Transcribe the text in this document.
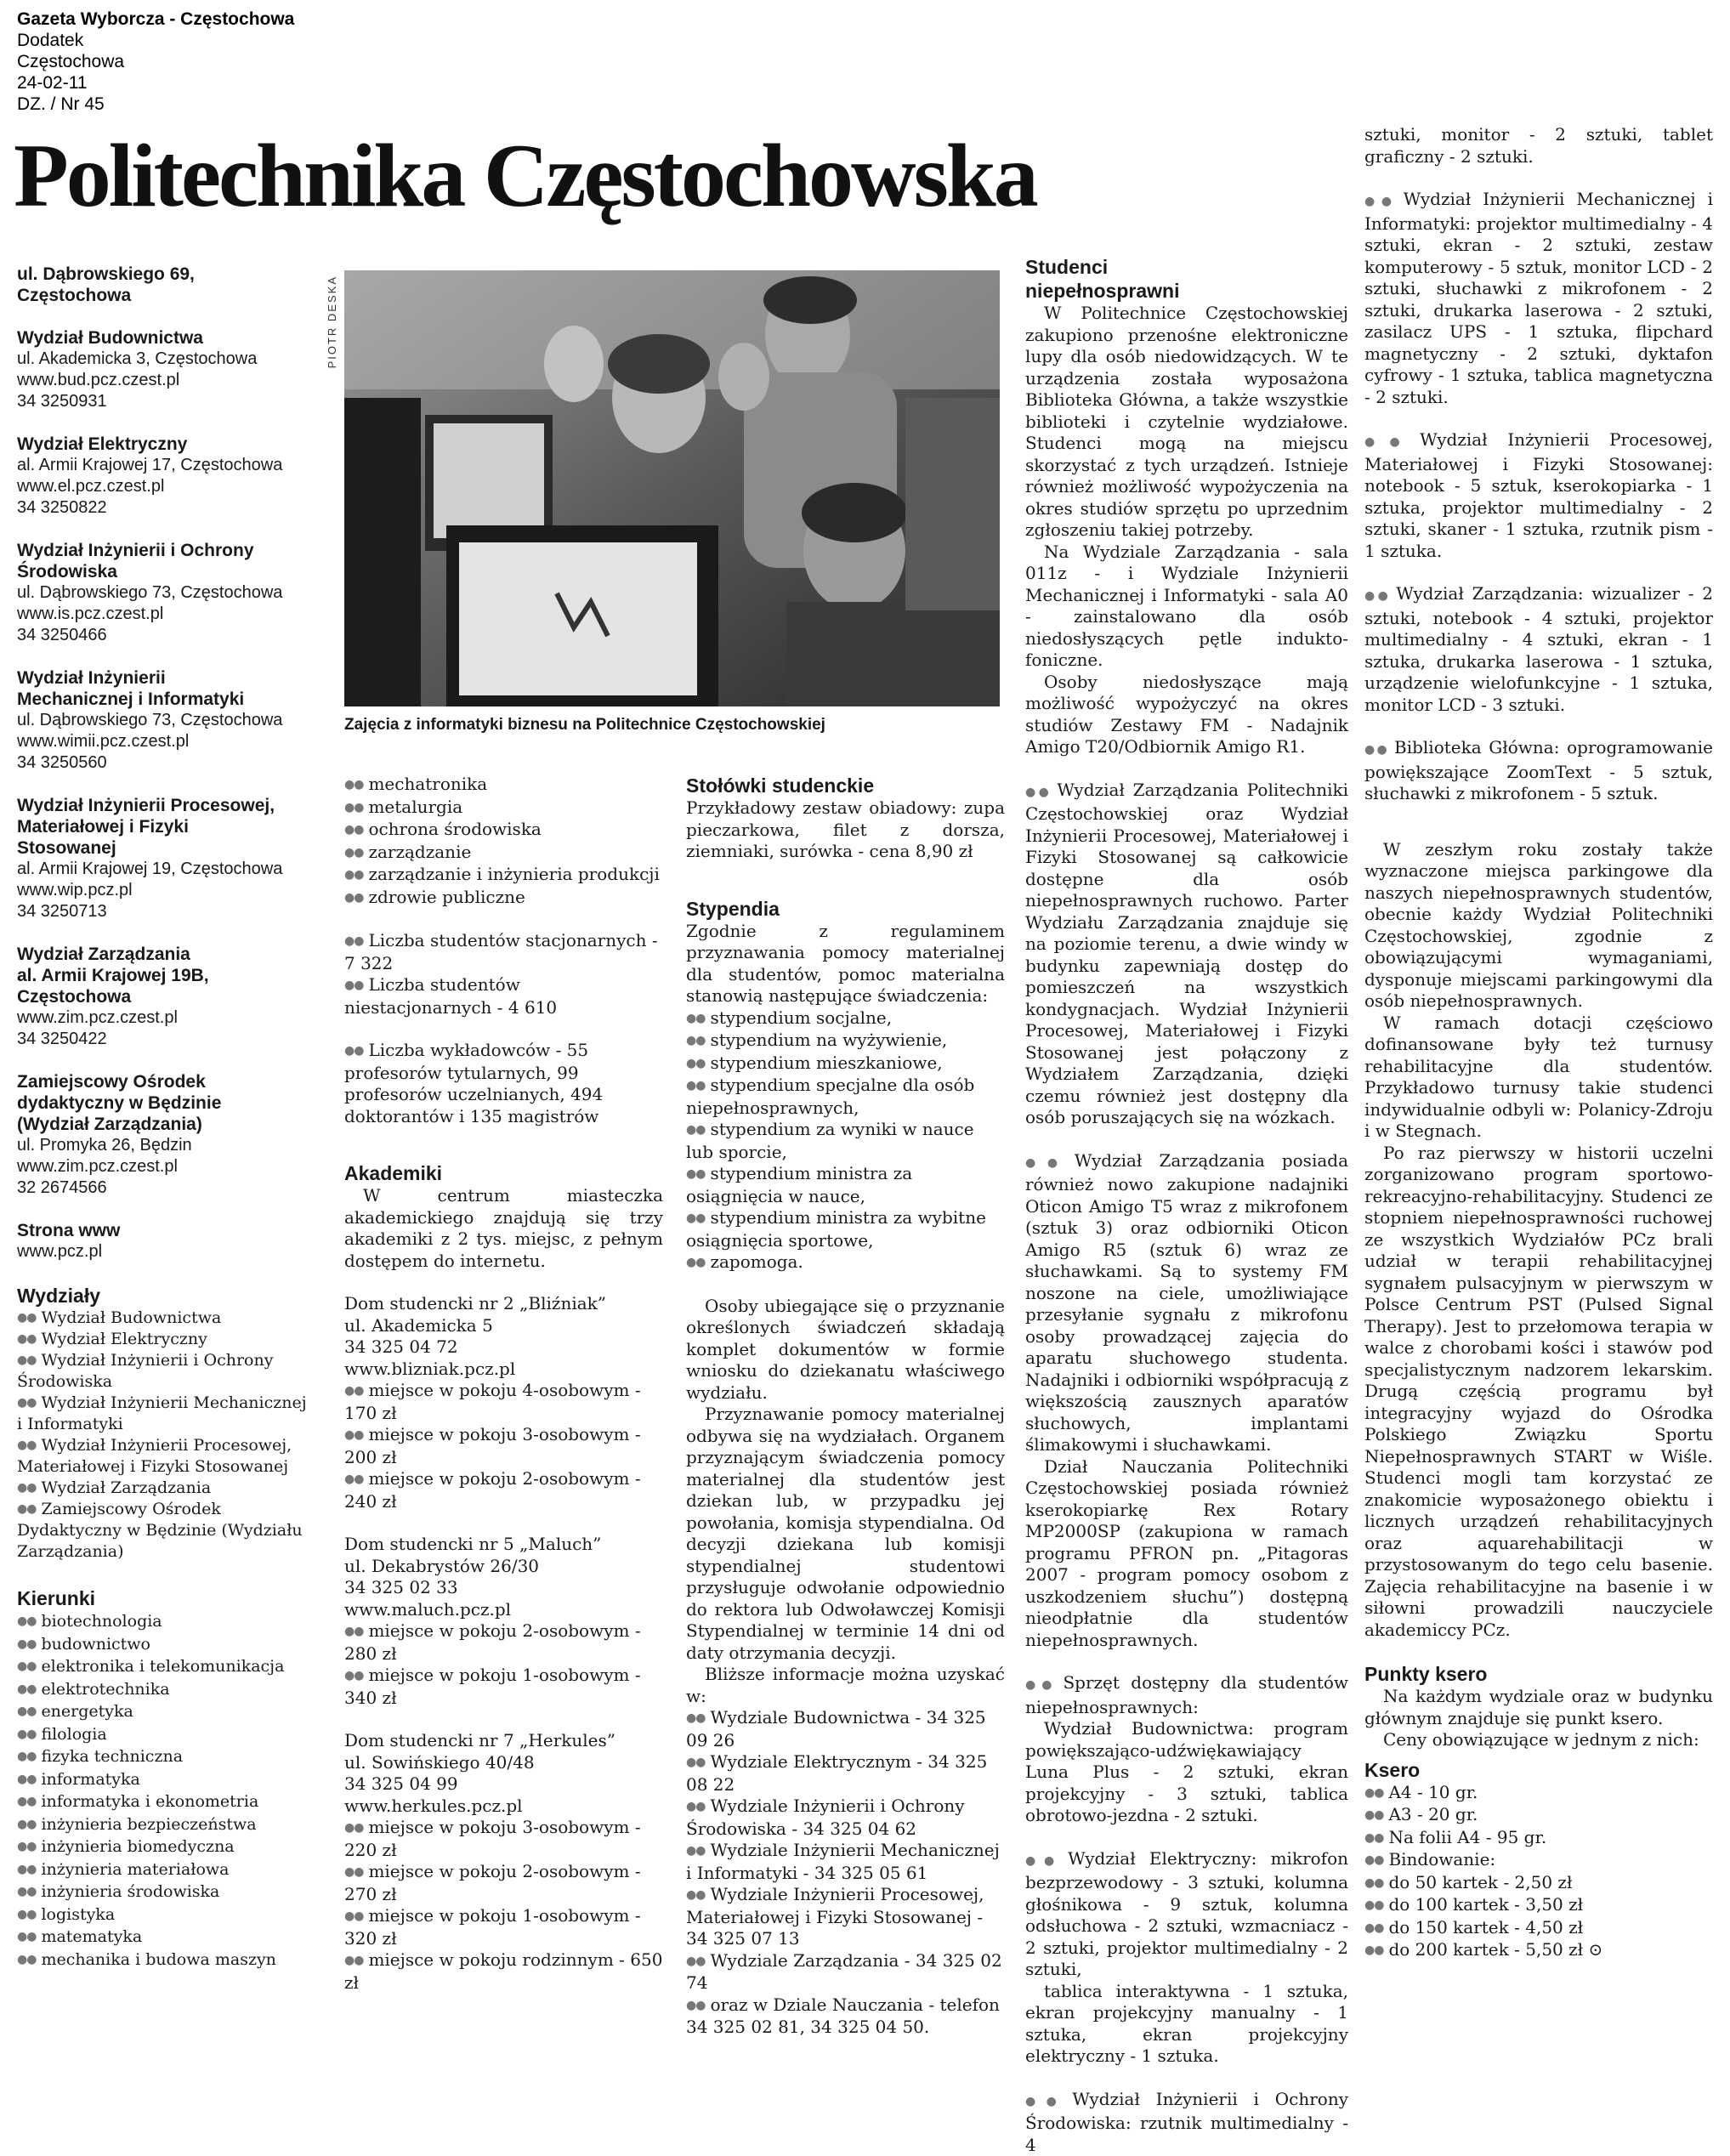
Gazeta Wyborcza - Częstochowa
Dodatek
Częstochowa
24-02-11
DZ. / Nr 45
Politechnika Częstochowska
ul. Dąbrowskiego 69,
Częstochowa
Wydział Budownictwa

ul. Akademicka 3, Częstochowa

www.bud.pcz.czest.pl

34 3250931

Wydział Elektryczny

al. Armii Krajowej 17, Częstochowa

www.el.pcz.czest.pl

34 3250822

Wydział Inżynierii i Ochrony
Środowiska

ul. Dąbrowskiego 73, Częstochowa

www.is.pcz.czest.pl

34 3250466

Wydział Inżynierii
Mechanicznej i Informatyki

ul. Dąbrowskiego 73, Częstochowa

www.wimii.pcz.czest.pl

34 3250560

Wydział Inżynierii Procesowej,
Materiałowej i Fizyki
Stosowanej

al. Armii Krajowej 19, Częstochowa

www.wip.pcz.pl

34 3250713

Wydział Zarządzania
al. Armii Krajowej 19B,
Częstochowa

www.zim.pcz.czest.pl

34 3250422

Zamiejscowy Ośrodek
dydaktyczny w Będzinie
(Wydział Zarządzania)

ul. Promyka 26, Będzin

www.zim.pcz.czest.pl

32 2674566

Strona www

www.pcz.pl

Wydziały
●● Wydział Budownictwa
●● Wydział Elektryczny
●● Wydział Inżynierii i Ochrony Środowiska
●● Wydział Inżynierii Mechanicznej i Informatyki
●● Wydział Inżynierii Procesowej, Materiałowej i Fizyki Stosowanej
●● Wydział Zarządzania
●● Zamiejscowy Ośrodek Dydaktyczny w Będzinie (Wydziału Zarządzania)
Kierunki
●● biotechnologia
●● budownictwo
●● elektronika i telekomunikacja
●● elektrotechnika
●● energetyka
●● filologia
●● fizyka techniczna
●● informatyka
●● informatyka i ekonometria
●● inżynieria bezpieczeństwa
●● inżynieria biomedyczna
●● inżynieria materiałowa
●● inżynieria środowiska
●● logistyka
●● matematyka
●● mechanika i budowa maszyn
PIOTR DESKA
Zajęcia z informatyki biznesu na Politechnice Częstochowskiej
●● mechatronika
●● metalurgia
●● ochrona środowiska
●● zarządzanie
●● zarządzanie i inżynieria produkcji
●● zdrowie publiczne
●● Liczba studentów stacjonarnych - 7 322
●● Liczba studentów niestacjonarnych - 4 610
●● Liczba wykładowców - 55 profesorów tytularnych, 99 profesorów uczelnianych, 494 doktorantów i 135 magistrów
Akademiki

W centrum miasteczka akademickiego znajdują się trzy akademiki z 2 tys. miejsc, z pełnym dostępem do internetu.

Dom studencki nr 2 „Bliźniak”
ul. Akademicka 5
34 325 04 72
www.blizniak.pcz.pl
●● miejsce w pokoju 4-osobowym - 170 zł
●● miejsce w pokoju 3-osobowym - 200 zł
●● miejsce w pokoju 2-osobowym - 240 zł
Dom studencki nr 5 „Maluch”
ul. Dekabrystów 26/30
34 325 02 33
www.maluch.pcz.pl
●● miejsce w pokoju 2-osobowym - 280 zł
●● miejsce w pokoju 1-osobowym - 340 zł
Dom studencki nr 7 „Herkules”
ul. Sowińskiego 40/48
34 325 04 99
www.herkules.pcz.pl
●● miejsce w pokoju 3-osobowym - 220 zł
●● miejsce w pokoju 2-osobowym - 270 zł
●● miejsce w pokoju 1-osobowym - 320 zł
●● miejsce w pokoju rodzinnym - 650 zł
Stołówki studenckie

Przykładowy zestaw obiadowy: zupa pieczarkowa, filet z dorsza, ziemniaki, surówka - cena 8,90 zł

Stypendia

Zgodnie z regulaminem przyznawania pomocy materialnej dla studentów, pomoc materialna stanowią następujące świadczenia:

●● stypendium socjalne,
●● stypendium na wyżywienie,
●● stypendium mieszkaniowe,
●● stypendium specjalne dla osób niepełnosprawnych,
●● stypendium za wyniki w nauce lub sporcie,
●● stypendium ministra za osiągnięcia w nauce,
●● stypendium ministra za wybitne osiągnięcia sportowe,
●● zapomoga.

Osoby ubiegające się o przyznanie określonych świadczeń składają komplet dokumentów w formie wniosku do dziekanatu właściwego wydziału.

Przyznawanie pomocy materialnej odbywa się na wydziałach. Organem przyznającym świadczenia pomocy materialnej dla studentów jest dziekan lub, w przypadku jej powołania, komisja stypendialna. Od decyzji dziekana lub komisji stypendialnej studentowi przysługuje odwołanie odpowiednio do rektora lub Odwoławczej Komisji Stypendialnej w terminie 14 dni od daty otrzymania decyzji.

Bliższe informacje można uzyskać w:

●● Wydziale Budownictwa - 34 325 09 26
●● Wydziale Elektrycznym - 34 325 08 22
●● Wydziale Inżynierii i Ochrony Środowiska - 34 325 04 62
●● Wydziale Inżynierii Mechanicznej i Informatyki - 34 325 05 61
●● Wydziale Inżynierii Procesowej, Materiałowej i Fizyki Stosowanej - 34 325 07 13
●● Wydziale Zarządzania - 34 325 02 74
●● oraz w Dziale Nauczania - telefon 34 325 02 81, 34 325 04 50.
Studenci
niepełnosprawni

W Politechnice Częstochowskiej zakupiono przenośne elektroniczne lupy dla osób niedowidzących. W te urządzenia została wyposażona Biblioteka Główna, a także wszystkie biblioteki i czytelnie wydziałowe. Studenci mogą na miejscu skorzystać z tych urządzeń. Istnieje również możliwość wypożyczenia na okres studiów sprzętu po uprzednim zgłoszeniu takiej potrzeby.

Na Wydziale Zarządzania - sala 011z - i Wydziale Inżynierii Mechanicznej i Informatyki - sala A0 - zainstalowano dla osób niedosłyszących pętle induktofoniczne.

Osoby niedosłyszące mają możliwość wypożyczyć na okres studiów Zestawy FM - Nadajnik Amigo T20/Odbiornik Amigo R1.

●● Wydział Zarządzania Politechniki Częstochowskiej oraz Wydział Inżynierii Procesowej, Materiałowej i Fizyki Stosowanej są całkowicie dostępne dla osób niepełnosprawnych ruchowo. Parter Wydziału Zarządzania znajduje się na poziomie terenu, a dwie windy w budynku zapewniają dostęp do pomieszczeń na wszystkich kondygnacjach. Wydział Inżynierii Procesowej, Materiałowej i Fizyki Stosowanej jest połączony z Wydziałem Zarządzania, dzięki czemu również jest dostępny dla osób poruszających się na wózkach.

●● Wydział Zarządzania posiada również nowo zakupione nadajniki Oticon Amigo T5 wraz z mikrofonem (sztuk 3) oraz odbiorniki Oticon Amigo R5 (sztuk 6) wraz ze słuchawkami. Są to systemy FM noszone na ciele, umożliwiające przesyłanie sygnału z mikrofonu osoby prowadzącej zajęcia do aparatu słuchowego studenta. Nadajniki i odbiorniki współpracują z większością zausznych aparatów słuchowych, implantami ślimakowymi i słuchawkami.

Dział Nauczania Politechniki Częstochowskiej posiada również kserokopiarkę Rex Rotary MP2000SP (zakupiona w ramach programu PFRON pn. „Pitagoras 2007 - program pomocy osobom z uszkodzeniem słuchu”) dostępną nieodpłatnie dla studentów niepełnosprawnych.

●● Sprzęt dostępny dla studentów niepełnosprawnych:

Wydział Budownictwa: program powiększająco-udźwiękawiający Luna Plus - 2 sztuki, ekran projekcyjny - 3 sztuki, tablica obrotowo-jezdna - 2 sztuki.

●● Wydział Elektryczny: mikrofon bezprzewodowy - 3 sztuki, kolumna głośnikowa - 9 sztuk, kolumna odsłuchowa - 2 sztuki, wzmacniacz - 2 sztuki, projektor multimedialny - 2 sztuki,

tablica interaktywna - 1 sztuka, ekran projekcyjny manualny - 1 sztuka, ekran projekcyjny elektryczny - 1 sztuka.

●● Wydział Inżynierii i Ochrony Środowiska: rzutnik multimedialny - 4

sztuki, monitor - 2 sztuki, tablet graficzny - 2 sztuki.

●● Wydział Inżynierii Mechanicznej i Informatyki: projektor multimedialny - 4 sztuki, ekran - 2 sztuki, zestaw komputerowy - 5 sztuk, monitor LCD - 2 sztuki, słuchawki z mikrofonem - 2 sztuki, drukarka laserowa - 2 sztuki, zasilacz UPS - 1 sztuka, flipchard magnetyczny - 2 sztuki, dyktafon cyfrowy - 1 sztuka, tablica magnetyczna - 2 sztuki.

●● Wydział Inżynierii Procesowej, Materiałowej i Fizyki Stosowanej: notebook - 5 sztuk, kserokopiarka - 1 sztuka, projektor multimedialny - 2 sztuki, skaner - 1 sztuka, rzutnik pism - 1 sztuka.

●● Wydział Zarządzania: wizualizer - 2 sztuki, notebook - 4 sztuki, projektor multimedialny - 4 sztuki, ekran - 1 sztuka, drukarka laserowa - 1 sztuka, urządzenie wielofunkcyjne - 1 sztuka, monitor LCD - 3 sztuki.

●● Biblioteka Główna: oprogramowanie powiększające ZoomText - 5 sztuk, słuchawki z mikrofonem - 5 sztuk.

W zeszłym roku zostały także wyznaczone miejsca parkingowe dla naszych niepełnosprawnych studentów, obecnie każdy Wydział Politechniki Częstochowskiej, zgodnie z obowiązującymi wymaganiami, dysponuje miejscami parkingowymi dla osób niepełnosprawnych.

W ramach dotacji częściowo dofinansowane były też turnusy rehabilitacyjne dla studentów. Przykładowo turnusy takie studenci indywidualnie odbyli w: Polanicy-Zdroju i w Stegnach.

Po raz pierwszy w historii uczelni zorganizowano program sportowo-rekreacyjno-rehabilitacyjny. Studenci ze stopniem niepełnosprawności ruchowej ze wszystkich Wydziałów PCz brali udział w terapii rehabilitacyjnej sygnałem pulsacyjnym w pierwszym w Polsce Centrum PST (Pulsed Signal Therapy). Jest to przełomowa terapia w walce z chorobami kości i stawów pod specjalistycznym nadzorem lekarskim. Drugą częścią programu był integracyjny wyjazd do Ośrodka Polskiego Związku Sportu Niepełnosprawnych START w Wiśle. Studenci mogli tam korzystać ze znakomicie wyposażonego obiektu i licznych urządzeń rehabilitacyjnych oraz aquarehabilitacji w przystosowanym do tego celu basenie. Zajęcia rehabilitacyjne na basenie i w siłowni prowadzili nauczyciele akademiccy PCz.

Punkty ksero

Na każdym wydziale oraz w budynku głównym znajduje się punkt ksero.

Ceny obowiązujące w jednym z nich:

Ksero
●● A4 - 10 gr.
●● A3 - 20 gr.
●● Na folii A4 - 95 gr.
●● Bindowanie:
●● do 50 kartek - 2,50 zł
●● do 100 kartek - 3,50 zł
●● do 150 kartek - 4,50 zł
●● do 200 kartek - 5,50 zł ⊙
